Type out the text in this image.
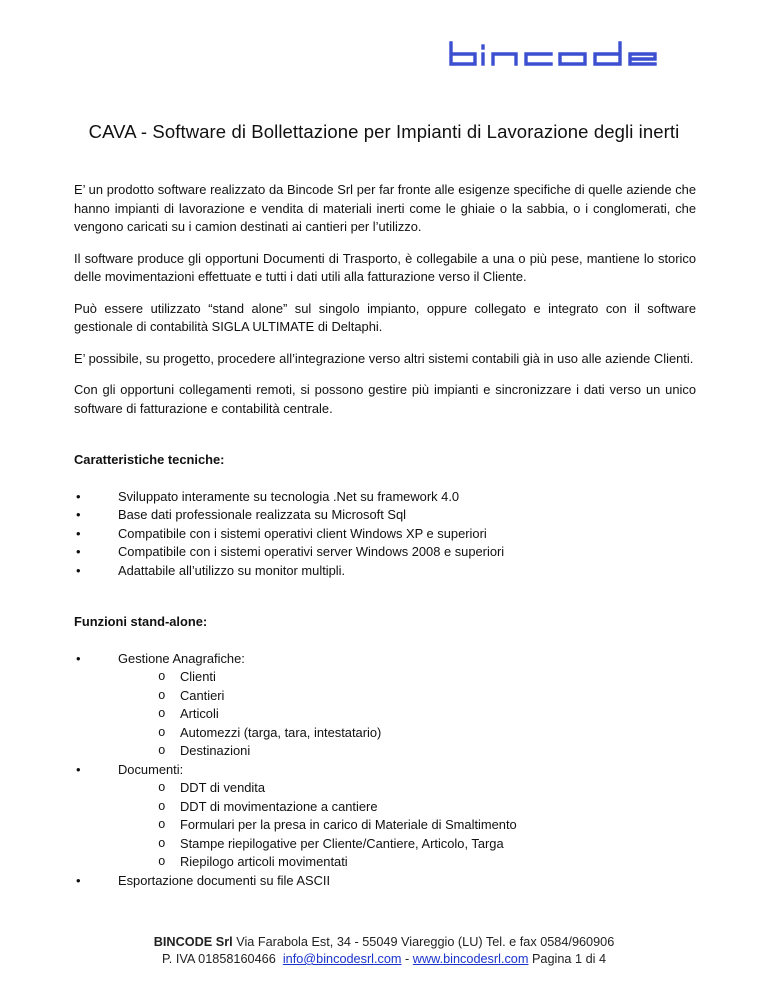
CAVA - Software di Bollettazione per Impianti di Lavorazione degli inerti

E’ un prodotto software realizzato da Bincode Srl per far fronte alle esigenze specifiche di quelle aziende che hanno impianti di lavorazione e vendita di materiali inerti come le ghiaie o la sabbia, o i conglomerati, che vengono caricati su i camion destinati ai cantieri per l’utilizzo.

Il software produce gli opportuni Documenti di Trasporto, è collegabile a una o più pese, mantiene lo storico delle movimentazioni effettuate e tutti i dati utili alla fatturazione verso il Cliente.

Può essere utilizzato “stand alone” sul singolo impianto, oppure collegato e integrato con il software gestionale di contabilità SIGLA ULTIMATE di Deltaphi.

E’ possibile, su progetto, procedere all’integrazione verso altri sistemi contabili già in uso alle aziende Clienti.

Con gli opportuni collegamenti remoti, si possono gestire più impianti e sincronizzare i dati verso un unico software di fatturazione e contabilità centrale.

Caratteristiche tecniche:
• Sviluppato interamente su tecnologia .Net su framework 4.0
• Base dati professionale realizzata su Microsoft Sql
• Compatibile con i sistemi operativi client Windows XP e superiori
• Compatibile con i sistemi operativi server Windows 2008 e superiori
• Adattabile all’utilizzo su monitor multipli.
Funzioni stand-alone:
• Gestione Anagrafiche:
o Clienti
o Cantieri
o Articoli
o Automezzi (targa, tara, intestatario)
o Destinazioni
• Documenti:
o DDT di vendita
o DDT di movimentazione a cantiere
o Formulari per la presa in carico di Materiale di Smaltimento
o Stampe riepilogative per Cliente/Cantiere, Articolo, Targa
o Riepilogo articoli movimentati
• Esportazione documenti su file ASCII
BINCODE Srl Via Farabola Est, 34 - 55049 Viareggio (LU) Tel. e fax 0584/960906
P. IVA 01858160466 info@bincodesrl.com - www.bincodesrl.com Pagina 1 di 4
